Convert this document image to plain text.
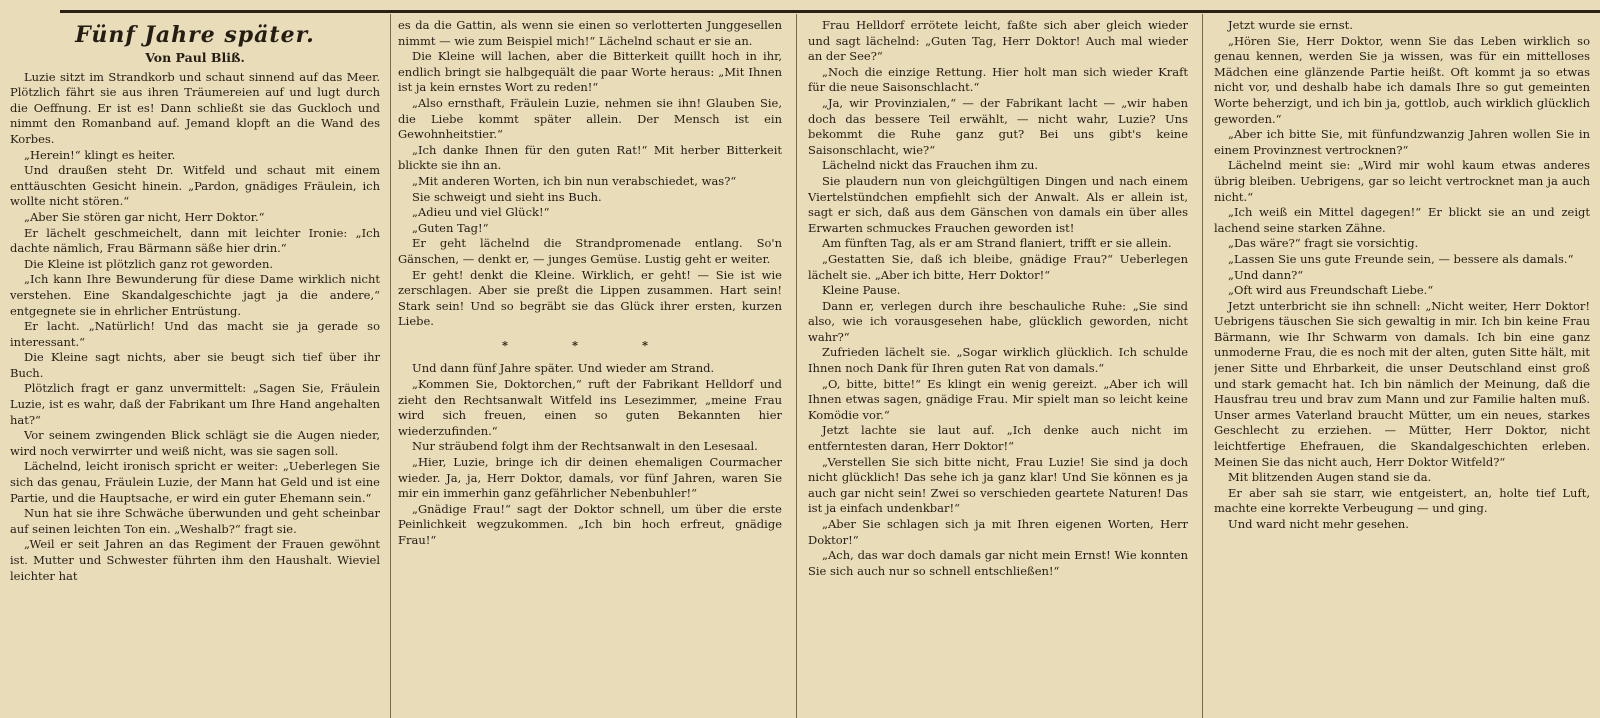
Fünf Jahre später.
Von Paul Bliß.

Luzie sitzt im Strandkorb und schaut sinnend auf das Meer. Plötzlich fährt sie aus ihren Träumereien auf und lugt durch die Oeffnung. Er ist es! Dann schließt sie das Guckloch und nimmt den Romanband auf. Jemand klopft an die Wand des Korbes.

„Herein!“ klingt es heiter.

Und draußen steht Dr. Witfeld und schaut mit einem enttäuschten Gesicht hinein. „Pardon, gnädiges Fräulein, ich wollte nicht stören.“

„Aber Sie stören gar nicht, Herr Doktor.“

Er lächelt geschmeichelt, dann mit leichter Ironie: „Ich dachte nämlich, Frau Bärmann säße hier drin.“

Die Kleine ist plötzlich ganz rot geworden.

„Ich kann Ihre Bewunderung für diese Dame wirklich nicht verstehen. Eine Skandalgeschichte jagt ja die andere,“ entgegnete sie in ehrlicher Entrüstung.

Er lacht. „Natürlich! Und das macht sie ja gerade so interessant.“

Die Kleine sagt nichts, aber sie beugt sich tief über ihr Buch.

Plötzlich fragt er ganz unvermittelt: „Sagen Sie, Fräulein Luzie, ist es wahr, daß der Fabrikant um Ihre Hand angehalten hat?“

Vor seinem zwingenden Blick schlägt sie die Augen nieder, wird noch verwirrter und weiß nicht, was sie sagen soll.

Lächelnd, leicht ironisch spricht er weiter: „Ueberlegen Sie sich das genau, Fräulein Luzie, der Mann hat Geld und ist eine Partie, und die Hauptsache, er wird ein guter Ehemann sein.“

Nun hat sie ihre Schwäche überwunden und geht scheinbar auf seinen leichten Ton ein. „Weshalb?“ fragt sie.

„Weil er seit Jahren an das Regiment der Frauen gewöhnt ist. Mutter und Schwester führten ihm den Haushalt. Wieviel leichter hat

es da die Gattin, als wenn sie einen so verlotterten Junggesellen nimmt — wie zum Beispiel mich!“ Lächelnd schaut er sie an.

Die Kleine will lachen, aber die Bitterkeit quillt hoch in ihr, endlich bringt sie halbgequält die paar Worte heraus: „Mit Ihnen ist ja kein ernstes Wort zu reden!“

„Also ernsthaft, Fräulein Luzie, nehmen sie ihn! Glauben Sie, die Liebe kommt später allein. Der Mensch ist ein Gewohnheitstier.“

„Ich danke Ihnen für den guten Rat!“ Mit herber Bitterkeit blickte sie ihn an.

„Mit anderen Worten, ich bin nun verabschiedet, was?“

Sie schweigt und sieht ins Buch.

„Adieu und viel Glück!“

„Guten Tag!“

Er geht lächelnd die Strandpromenade entlang. So'n Gänschen, — denkt er, — junges Gemüse. Lustig geht er weiter.

Er geht! denkt die Kleine. Wirklich, er geht! — Sie ist wie zerschlagen. Aber sie preßt die Lippen zusammen. Hart sein! Stark sein! Und so begräbt sie das Glück ihrer ersten, kurzen Liebe.

* * *

Und dann fünf Jahre später. Und wieder am Strand.

„Kommen Sie, Doktorchen,“ ruft der Fabrikant Helldorf und zieht den Rechtsanwalt Witfeld ins Lesezimmer, „meine Frau wird sich freuen, einen so guten Bekannten hier wiederzufinden.“

Nur sträubend folgt ihm der Rechtsanwalt in den Lesesaal.

„Hier, Luzie, bringe ich dir deinen ehemaligen Courmacher wieder. Ja, ja, Herr Doktor, damals, vor fünf Jahren, waren Sie mir ein immerhin ganz gefährlicher Nebenbuhler!“

„Gnädige Frau!“ sagt der Doktor schnell, um über die erste Peinlichkeit wegzukommen. „Ich bin hoch erfreut, gnädige Frau!“

Frau Helldorf errötete leicht, faßte sich aber gleich wieder und sagt lächelnd: „Guten Tag, Herr Doktor! Auch mal wieder an der See?“

„Noch die einzige Rettung. Hier holt man sich wieder Kraft für die neue Saisonschlacht.“

„Ja, wir Provinzialen,“ — der Fabrikant lacht — „wir haben doch das bessere Teil erwählt, — nicht wahr, Luzie? Uns bekommt die Ruhe ganz gut? Bei uns gibt's keine Saisonschlacht, wie?“

Lächelnd nickt das Frauchen ihm zu.

Sie plaudern nun von gleichgültigen Dingen und nach einem Viertelstündchen empfiehlt sich der Anwalt. Als er allein ist, sagt er sich, daß aus dem Gänschen von damals ein über alles Erwarten schmuckes Frauchen geworden ist!

Am fünften Tag, als er am Strand flaniert, trifft er sie allein.

„Gestatten Sie, daß ich bleibe, gnädige Frau?“ Ueberlegen lächelt sie. „Aber ich bitte, Herr Doktor!“

Kleine Pause.

Dann er, verlegen durch ihre beschauliche Ruhe: „Sie sind also, wie ich vorausgesehen habe, glücklich geworden, nicht wahr?“

Zufrieden lächelt sie. „Sogar wirklich glücklich. Ich schulde Ihnen noch Dank für Ihren guten Rat von damals.“

„O, bitte, bitte!“ Es klingt ein wenig gereizt. „Aber ich will Ihnen etwas sagen, gnädige Frau. Mir spielt man so leicht keine Komödie vor.“

Jetzt lachte sie laut auf. „Ich denke auch nicht im entferntesten daran, Herr Doktor!“

„Verstellen Sie sich bitte nicht, Frau Luzie! Sie sind ja doch nicht glücklich! Das sehe ich ja ganz klar! Und Sie können es ja auch gar nicht sein! Zwei so verschieden geartete Naturen! Das ist ja einfach undenkbar!“

„Aber Sie schlagen sich ja mit Ihren eigenen Worten, Herr Doktor!“

„Ach, das war doch damals gar nicht mein Ernst! Wie konnten Sie sich auch nur so schnell entschließen!“

Jetzt wurde sie ernst.

„Hören Sie, Herr Doktor, wenn Sie das Leben wirklich so genau kennen, werden Sie ja wissen, was für ein mittelloses Mädchen eine glänzende Partie heißt. Oft kommt ja so etwas nicht vor, und deshalb habe ich damals Ihre so gut gemeinten Worte beherzigt, und ich bin ja, gottlob, auch wirklich glücklich geworden.“

„Aber ich bitte Sie, mit fünfundzwanzig Jahren wollen Sie in einem Provinznest vertrocknen?“

Lächelnd meint sie: „Wird mir wohl kaum etwas anderes übrig bleiben. Uebrigens, gar so leicht vertrocknet man ja auch nicht.“

„Ich weiß ein Mittel dagegen!“ Er blickt sie an und zeigt lachend seine starken Zähne.

„Das wäre?“ fragt sie vorsichtig.

„Lassen Sie uns gute Freunde sein, — bessere als damals.“

„Und dann?“

„Oft wird aus Freundschaft Liebe.“

Jetzt unterbricht sie ihn schnell: „Nicht weiter, Herr Doktor! Uebrigens täuschen Sie sich gewaltig in mir. Ich bin keine Frau Bärmann, wie Ihr Schwarm von damals. Ich bin eine ganz unmoderne Frau, die es noch mit der alten, guten Sitte hält, mit jener Sitte und Ehrbarkeit, die unser Deutschland einst groß und stark gemacht hat. Ich bin nämlich der Meinung, daß die Hausfrau treu und brav zum Mann und zur Familie halten muß. Unser armes Vaterland braucht Mütter, um ein neues, starkes Geschlecht zu erziehen. — Mütter, Herr Doktor, nicht leichtfertige Ehefrauen, die Skandalgeschichten erleben. Meinen Sie das nicht auch, Herr Doktor Witfeld?“

Mit blitzenden Augen stand sie da.

Er aber sah sie starr, wie entgeistert, an, holte tief Luft, machte eine korrekte Verbeugung — und ging.

Und ward nicht mehr gesehen.
